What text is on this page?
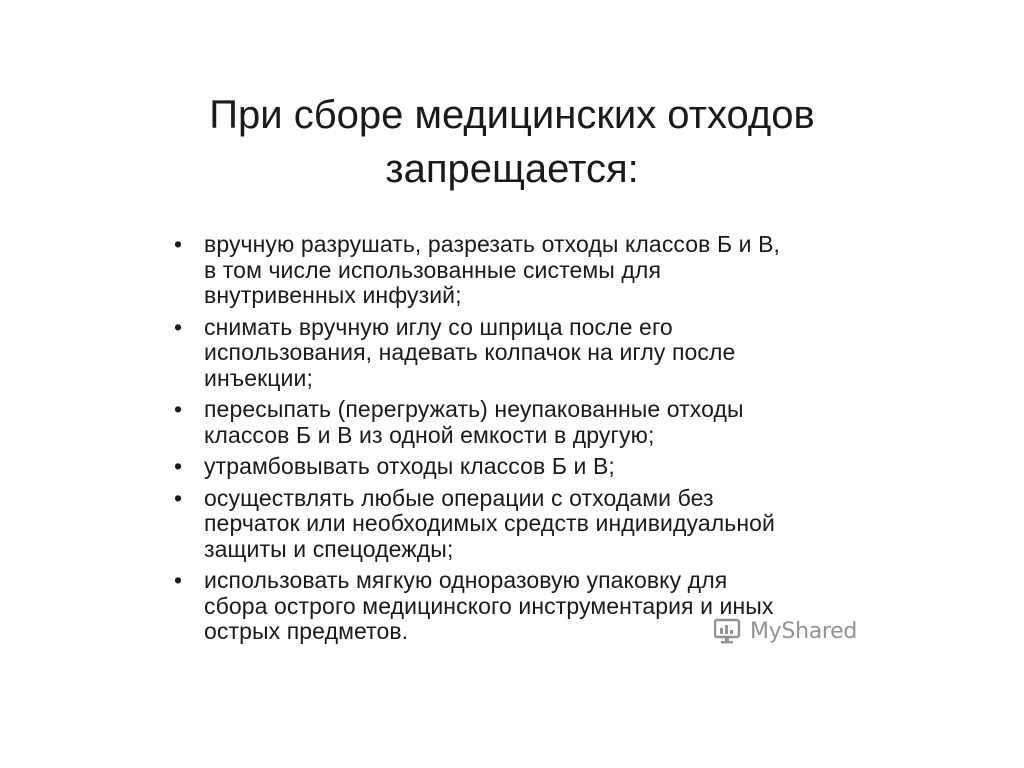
При сборе медицинских отходов
запрещается:
• вручную разрушать, разрезать отходы классов Б и В,
в том числе использованные системы для
внутривенных инфузий;
• снимать вручную иглу со шприца после его
использования, надевать колпачок на иглу после
инъекции;
• пересыпать (перегружать) неупакованные отходы
классов Б и В из одной емкости в другую;
• утрамбовывать отходы классов Б и В;
• осуществлять любые операции с отходами без
перчаток или необходимых средств индивидуальной
защиты и спецодежды;
• использовать мягкую одноразовую упаковку для
сбора острого медицинского инструментария и иных
острых предметов.	MyShared
